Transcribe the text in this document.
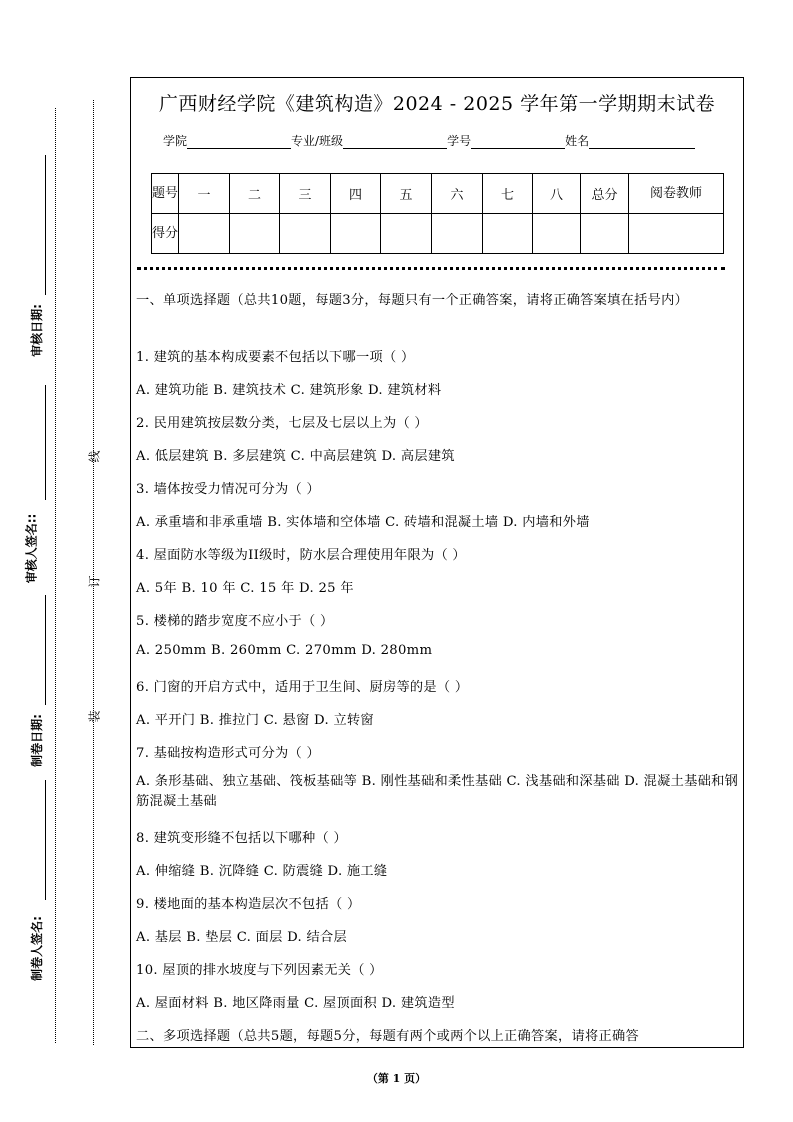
审核日期:
审核人签名::
制卷日期:
制卷人签名:
线
订
装
广西财经学院《建筑构造》2024 - 2025 学年第一学期期末试卷
学院	专业/班级	学号	姓名
题号	一	二	三	四	五	六	七	八	总分	阅卷教师
得分										
一、单项选择题（总共10题，每题3分，每题只有一个正确答案，请将正确答案填在括号内）
1. 建筑的基本构成要素不包括以下哪一项（ ）
A. 建筑功能 B. 建筑技术 C. 建筑形象 D. 建筑材料
2. 民用建筑按层数分类，七层及七层以上为（ ）
A. 低层建筑 B. 多层建筑 C. 中高层建筑 D. 高层建筑
3. 墙体按受力情况可分为（ ）
A. 承重墙和非承重墙 B. 实体墙和空体墙 C. 砖墙和混凝土墙 D. 内墙和外墙
4. 屋面防水等级为II级时，防水层合理使用年限为（ ）
A. 5年 B. 10 年 C. 15 年 D. 25 年
5. 楼梯的踏步宽度不应小于（ ）
A. 250mm B. 260mm C. 270mm D. 280mm
6. 门窗的开启方式中，适用于卫生间、厨房等的是（ ）
A. 平开门 B. 推拉门 C. 悬窗 D. 立转窗
7. 基础按构造形式可分为（ ）
A. 条形基础、独立基础、筏板基础等 B. 刚性基础和柔性基础 C. 浅基础和深基础 D. 混凝土基础和钢筋混凝土基础
8. 建筑变形缝不包括以下哪种（ ）
A. 伸缩缝 B. 沉降缝 C. 防震缝 D. 施工缝
9. 楼地面的基本构造层次不包括（ ）
A. 基层 B. 垫层 C. 面层 D. 结合层
10. 屋顶的排水坡度与下列因素无关（ ）
A. 屋面材料 B. 地区降雨量 C. 屋顶面积 D. 建筑造型
二、多项选择题（总共5题，每题5分，每题有两个或两个以上正确答案，请将正确答
（第 1 页）
